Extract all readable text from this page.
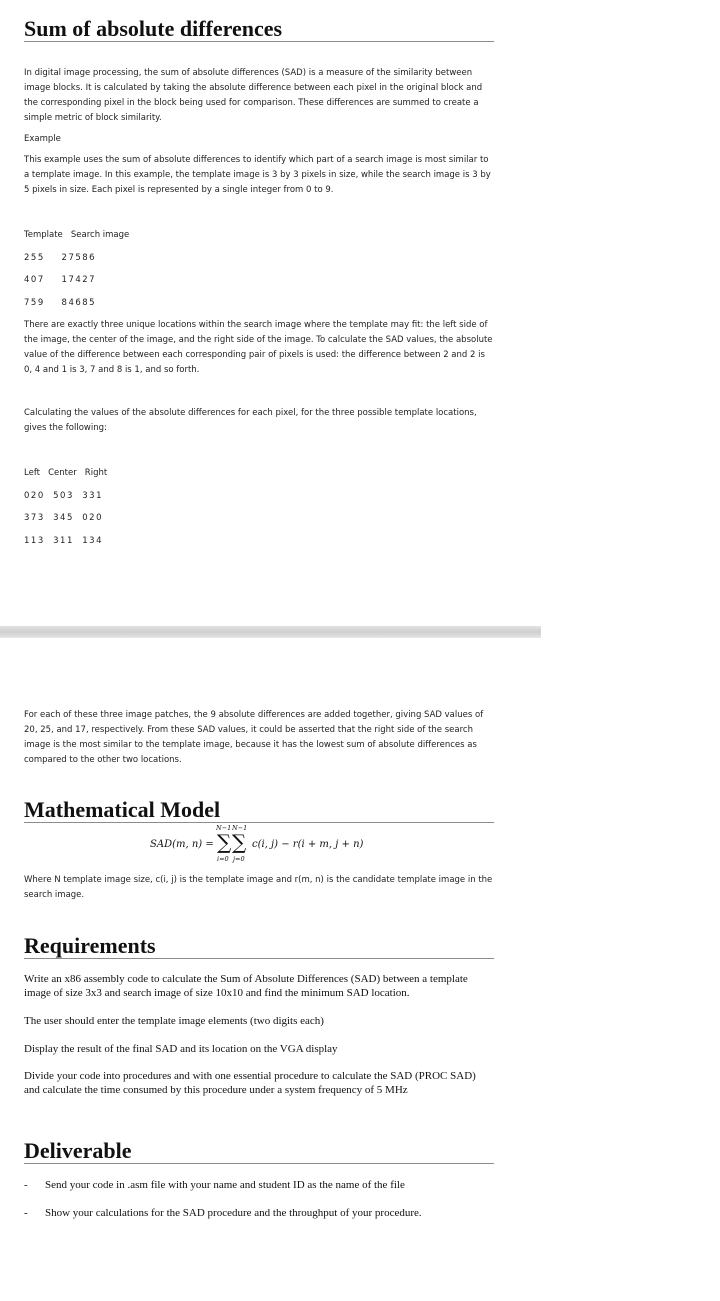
Sum of absolute differences

In digital image processing, the sum of absolute differences (SAD) is a measure of the similarity between image blocks. It is calculated by taking the absolute difference between each pixel in the original block and the corresponding pixel in the block being used for comparison. These differences are summed to create a simple metric of block similarity.

Example

This example uses the sum of absolute differences to identify which part of a search image is most similar to a template image. In this example, the template image is 3 by 3 pixels in size, while the search image is 3 by 5 pixels in size. Each pixel is represented by a single integer from 0 to 9.

Template   Search image
255    27586
407    17427
759    84685

There are exactly three unique locations within the search image where the template may fit: the left side of the image, the center of the image, and the right side of the image. To calculate the SAD values, the absolute value of the difference between each corresponding pair of pixels is used: the difference between 2 and 2 is 0, 4 and 1 is 3, 7 and 8 is 1, and so forth.

Calculating the values of the absolute differences for each pixel, for the three possible template locations, gives the following:

Left   Center   Right
020  503  331
373  345  020
113  311  134

For each of these three image patches, the 9 absolute differences are added together, giving SAD values of 20, 25, and 17, respectively. From these SAD values, it could be asserted that the right side of the search image is the most similar to the template image, because it has the lowest sum of absolute differences as compared to the other two locations.

Mathematical Model
SAD(m, n) =
N−1 N−1
∑ ∑
i=0 j=0
c(i, j) − r(i + m, j + n)

Where N template image size, c(i, j) is the template image and r(m, n) is the candidate template image in the search image.

Requirements

Write an x86 assembly code to calculate the Sum of Absolute Differences (SAD) between a template image of size 3x3 and search image of size 10x10 and find the minimum SAD location.

The user should enter the template image elements (two digits each)

Display the result of the final SAD and its location on the VGA display

Divide your code into procedures and with one essential procedure to calculate the SAD (PROC SAD) and calculate the time consumed by this procedure under a system frequency of 5 MHz

Deliverable
- Send your code in .asm file with your name and student ID as the name of the file
- Show your calculations for the SAD procedure and the throughput of your procedure.
